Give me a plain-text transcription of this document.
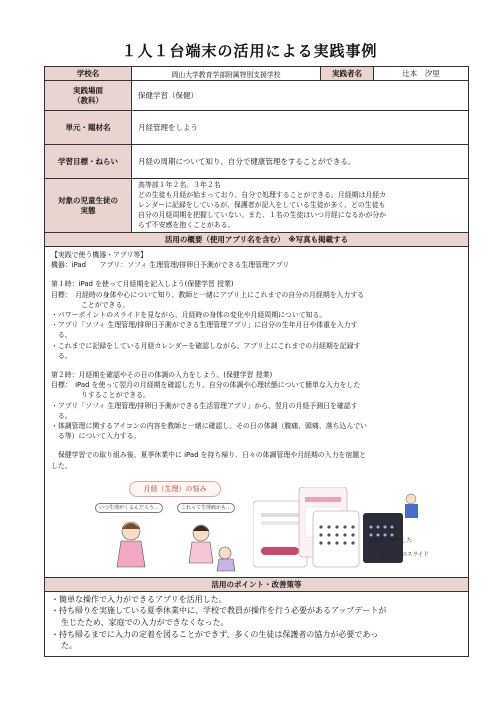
１人１台端末の活用による実践事例
学校名	岡山大学教育学部附属特別支援学校	実践者名	辻本　汐里
実践場面
（教科）	保健学習（保健）
単元・題材名	月経管理をしよう
学習目標・ねらい	月経の周期について知り、自分で健康管理をすることができる。
対象の児童生徒の
実態

高等部１年２名、３年２名

どの生徒も月経が始まっており、自分で処理することができる。月経期は月経カ

レンダーに記録をしているが、保護者が記入をしている生徒が多く、どの生徒も

自分の月経周期を把握していない。また、１名の生徒はいつ月経になるかが分か

らず不安感を抱くことがある。

活用の概要（使用アプリ名を含む）　※写真も掲載する

【実践で使う機器・アプリ等】

機器：iPad　　アプリ：ソフィ 生理管理/排卵日予測ができる生理管理アプリ

第１時：iPad を使って月経期を記入しよう(保健学習 授業)

目標：　月経時の身体や心について知り、教師と一緒にアプリ上にこれまでの自分の月経期を入力する

ことができる。

・パワーポイントのスライドを見ながら、月経時の身体の変化や月経周期について知る。

・アプリ「ソフィ 生理管理/排卵日予測ができる生理管理アプリ」に自分の生年月日や体重を入力す

　る。

・これまでに記録をしている月経カレンダーを確認しながら、アプリ上にこれまでの月経期を記録す

　る。

第２時：月経期を確認やその日の体調の入力をしよう。(保健学習 授業)

目標：　iPad を使って翌月の月経期を確認したり、自分の体調や心理状態について簡単な入力をした

りすることができる。

・アプリ「ソフィ 生理管理/排卵日予測ができる生活管理アプリ」から、翌月の月経予測日を確認す

　る。

・体調管理に関するアイコンの内容を教師と一緒に確認し、その日の体調（腹痛、頭痛、落ち込んでい

　る等）について入力する。

　保健学習での取り組み後、夏季休業中に iPad を持ち帰り、日々の体調管理や月経期の入力を宿題と

した。

月経（生理）の悩み
いつ生理がくるんだろう…	これって生理痛かも…
※授業で操作した
パワーポイントのスライド
活用のポイント・改善策等

・簡単な操作で入力ができるアプリを活用した。

・持ち帰りを実施している夏季休業中に、学校で教員が操作を行う必要があるアップデートが

生じたため、家庭での入力ができなくなった。

・持ち帰るまでに入力の定着を図ることができず、多くの生徒は保護者の協力が必要であっ

た。
